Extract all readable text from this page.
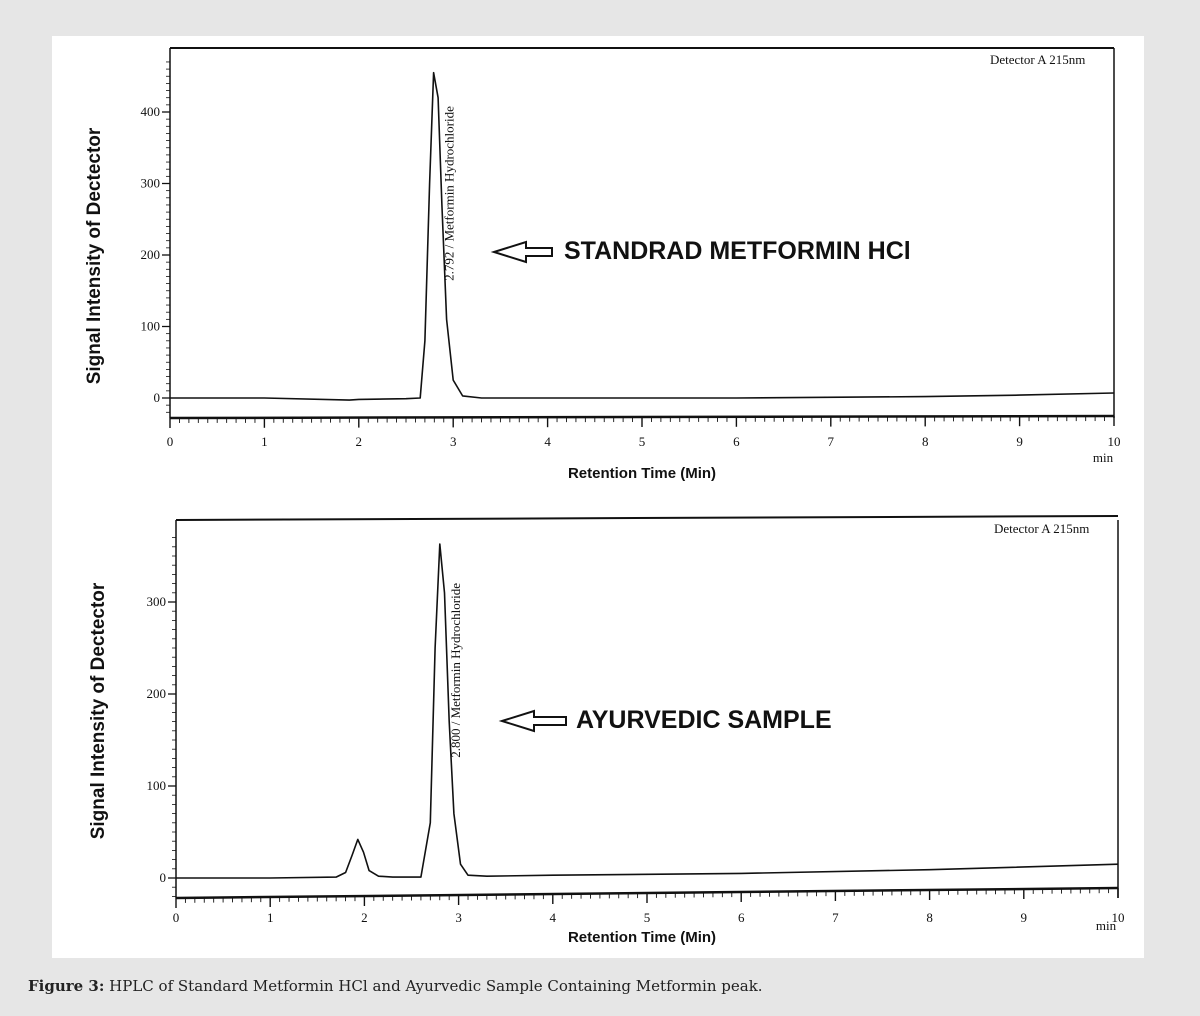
Detector A 215nm
Signal Intensity of Dectector
Retention Time (Min)
min
STANDRAD METFORMIN HCl
0	1	2	3	4	5	6	7	8	9	10
0
100
200
300
400	2.792 / Metformin Hydrochloride
Detector A 215nm
Signal Intensity of Dectector
Retention Time (Min)
min
AYURVEDIC SAMPLE
0	1	2	3	4	5	6	7	8	9	10
0
100
200
300	2.800 / Metformin Hydrochloride
Figure 3: HPLC of Standard Metformin HCl and Ayurvedic Sample Containing Metformin peak.
